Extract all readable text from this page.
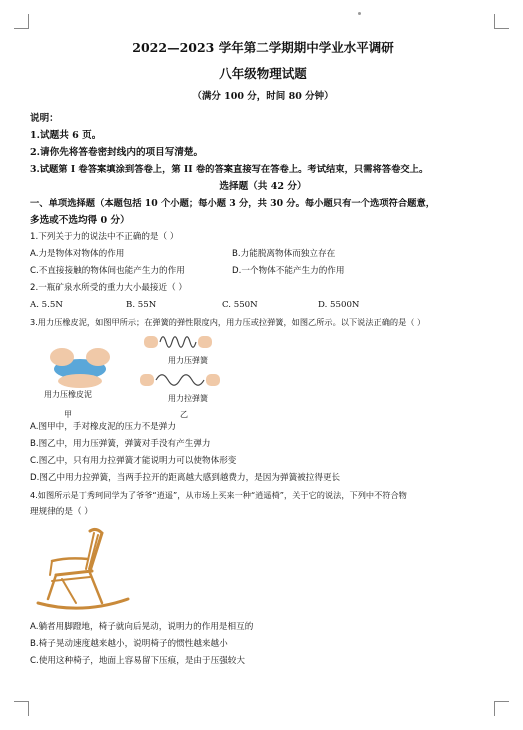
2022—2023 学年第二学期期中学业水平调研
八年级物理试题
（满分 100 分，时间 80 分钟）
说明：
1.试题共 6 页。
2.请你先将答卷密封线内的项目写清楚。
3.试题第 I 卷答案填涂到答卷上，第 II 卷的答案直接写在答卷上。考试结束，只需将答卷交上。
选择题（共 42 分）
一、单项选择题（本题包括 10 个小题；每小题 3 分，共 30 分。每小题只有一个选项符合题意，
多选或不选均得 0 分）
1.下列关于力的说法中不正确的是（ ）
A.力是物体对物体的作用	B.力能脱离物体而独立存在
C.不直接接触的物体间也能产生力的作用	D.一个物体不能产生力的作用
2.一瓶矿泉水所受的重力大小最接近（ ）
A. 5.5N	B. 55N	C. 550N	D. 5500N
3.用力压橡皮泥，如图甲所示；在弹簧的弹性限度内，用力压或拉弹簧，如图乙所示。以下说法正确的是（ ）
用力压橡皮泥
甲
用力压弹簧
用力拉弹簧
乙
A.图甲中，手对橡皮泥的压力不是弹力
B.图乙中，用力压弹簧，弹簧对手没有产生弹力
C.图乙中，只有用力拉弹簧才能说明力可以使物体形变
D.图乙中用力拉弹簧，当两手拉开的距离越大感到越费力，是因为弹簧被拉得更长
4.如图所示是丁秀珂同学为了爷爷“逍遥”，从市场上买来一种“逍遥椅”，关于它的说法，下列中不符合物
理规律的是（ ）
A.躺者用脚蹬地，椅子就向后晃动，说明力的作用是相互的
B.椅子晃动速度越来越小，说明椅子的惯性越来越小
C.使用这种椅子，地面上容易留下压痕，是由于压强较大
